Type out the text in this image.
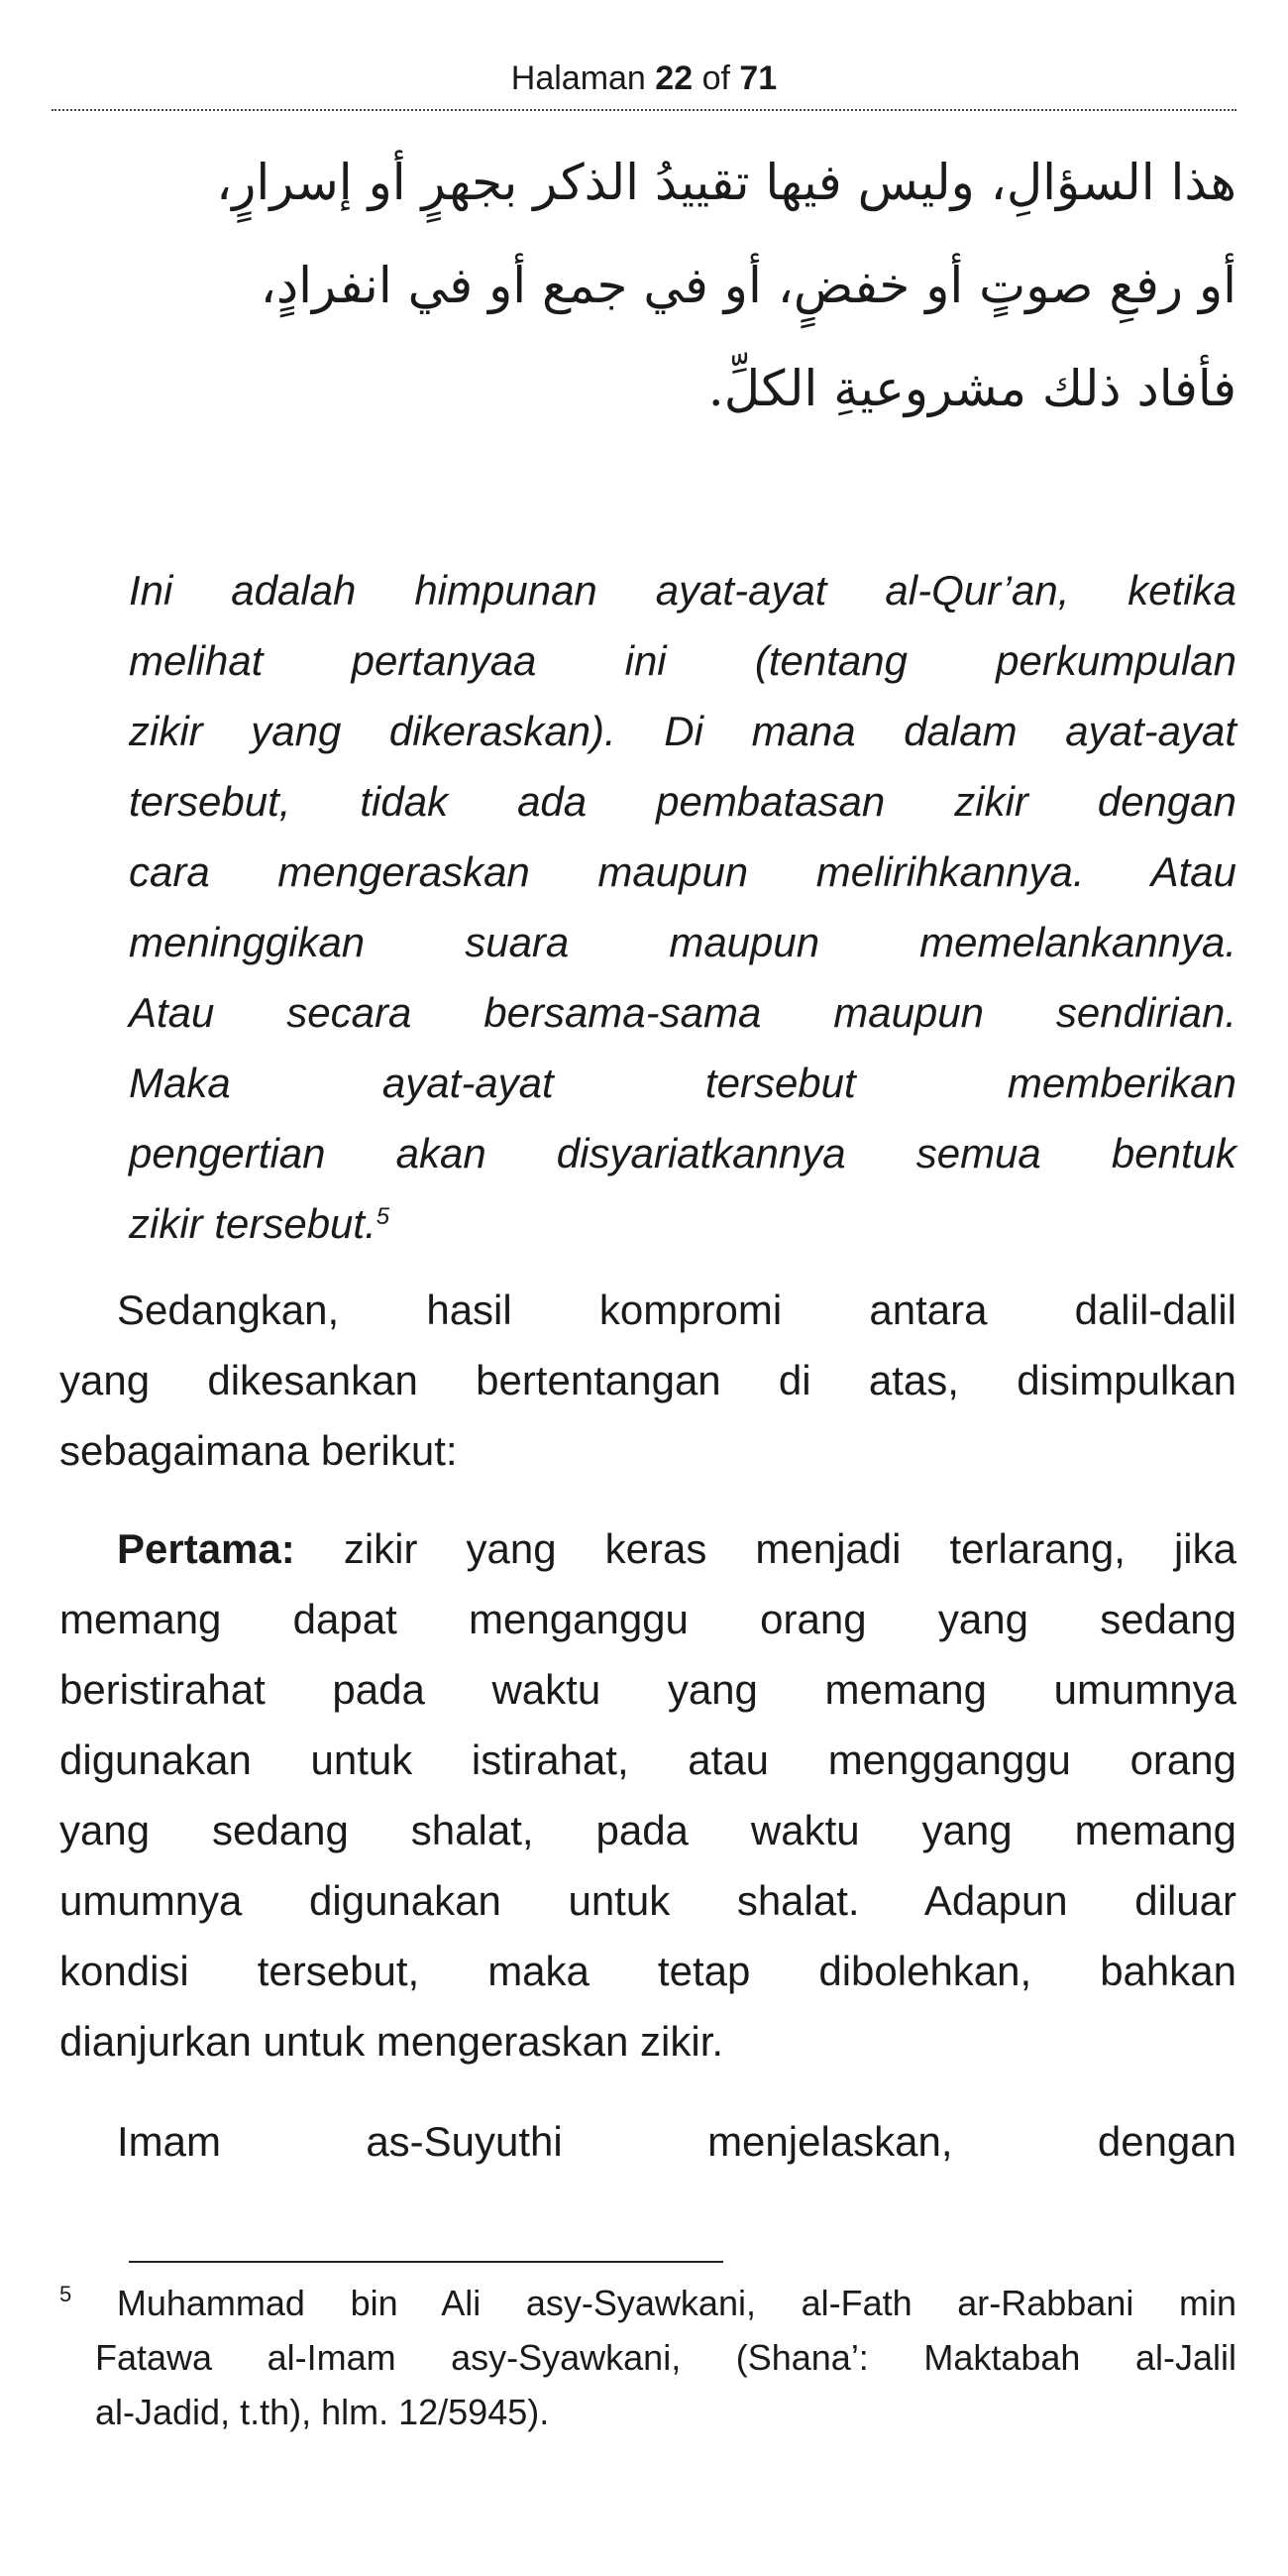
Halaman 22 of 71
هذا السؤالِ، وليس فيها تقييدُ الذكر بجهرٍ أو إسرارٍ،
أو رفعِ صوتٍ أو خفضٍ، أو في جمع أو في انفرادٍ،
فأفاد ذلك مشروعيةِ الكلِّ.
Ini adalah himpunan ayat-ayat al-Qur’an, ketika
melihat pertanyaa ini (tentang perkumpulan
zikir yang dikeraskan). Di mana dalam ayat-ayat
tersebut, tidak ada pembatasan zikir dengan
cara mengeraskan maupun melirihkannya. Atau
meninggikan suara maupun memelankannya.
Atau secara bersama-sama maupun sendirian.
Maka ayat-ayat tersebut memberikan
pengertian akan disyariatkannya semua bentuk
zikir tersebut.$^5$
Sedangkan, hasil kompromi antara dalil-dalil
yang dikesankan bertentangan di atas, disimpulkan
sebagaimana berikut:
Pertama: zikir yang keras menjadi terlarang, jika
memang dapat menganggu orang yang sedang
beristirahat pada waktu yang memang umumnya
digunakan untuk istirahat, atau mengganggu orang
yang sedang shalat, pada waktu yang memang
umumnya digunakan untuk shalat. Adapun diluar
kondisi tersebut, maka tetap dibolehkan, bahkan
dianjurkan untuk mengeraskan zikir.
Imam as-Suyuthi menjelaskan, dengan
$^5$ Muhammad bin Ali asy-Syawkani, al-Fath ar-Rabbani min
Fatawa al-Imam asy-Syawkani, (Shana’: Maktabah al-Jalil
al-Jadid, t.th), hlm. 12/5945).
